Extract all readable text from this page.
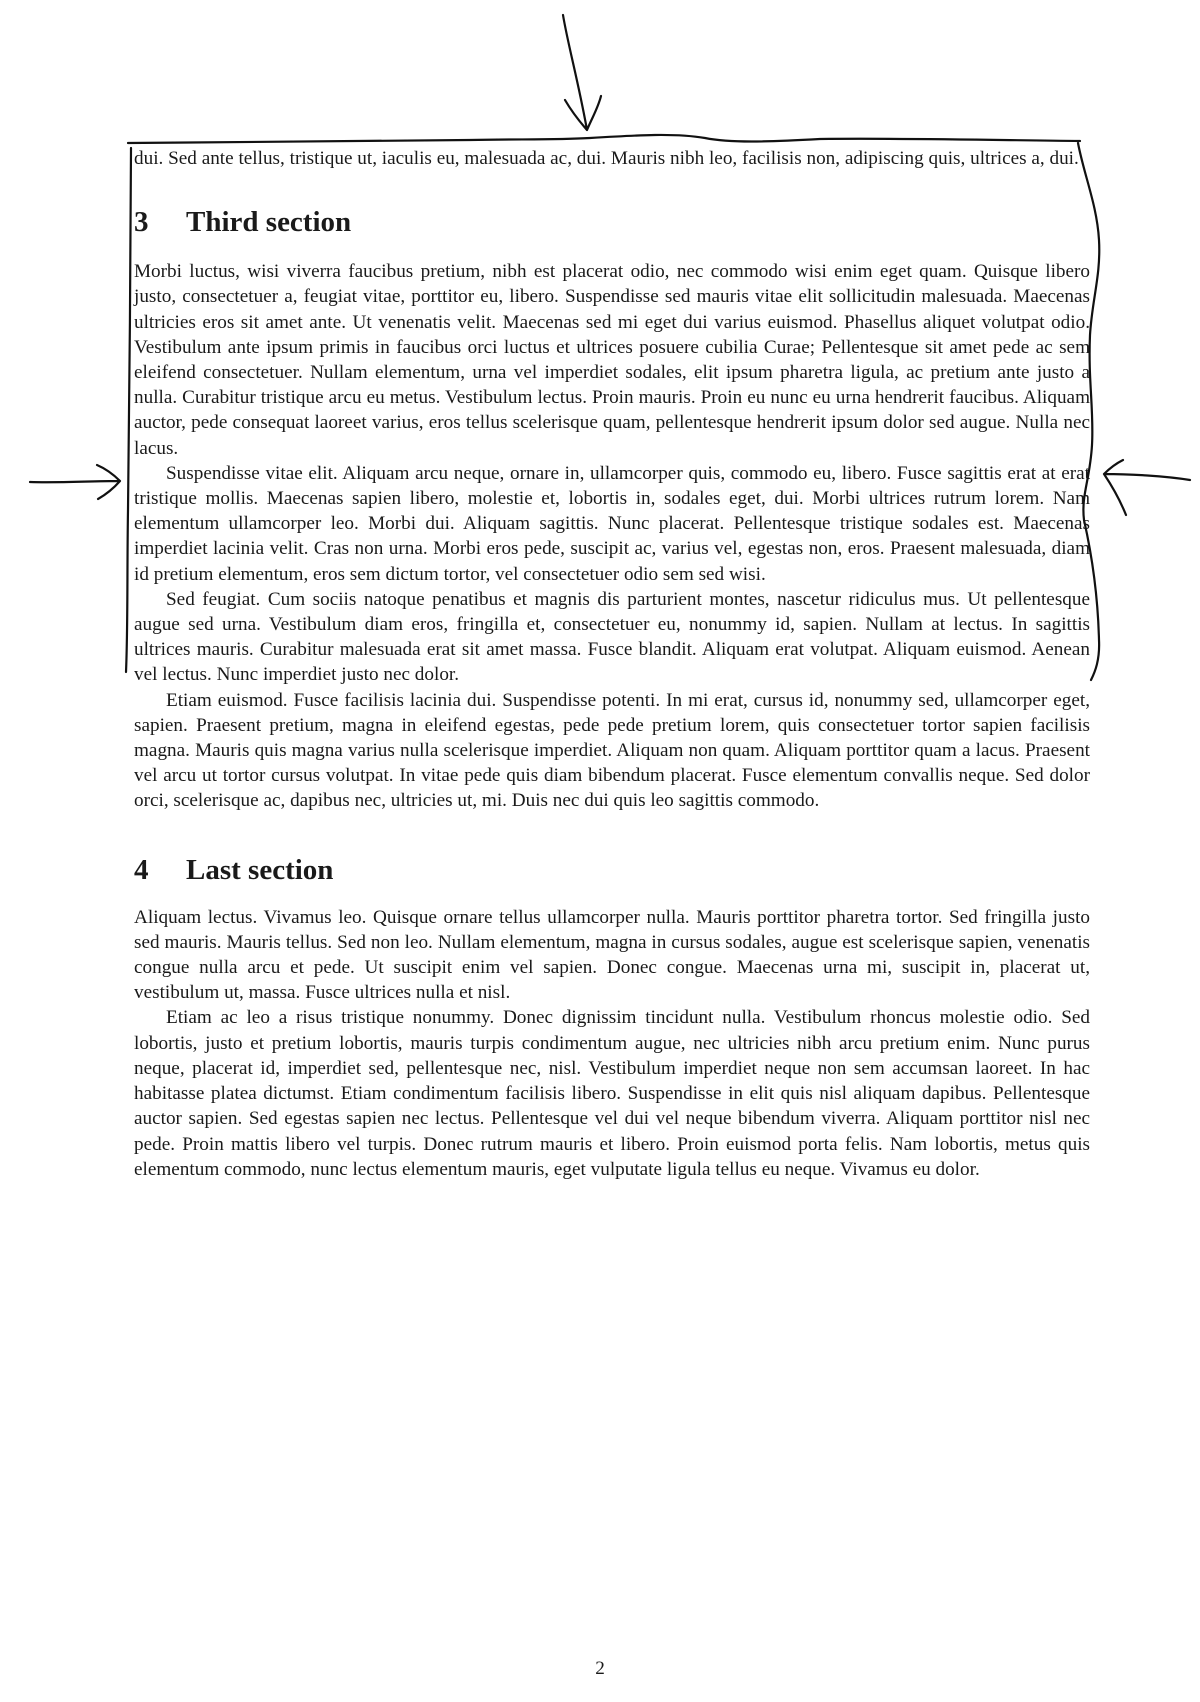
dui. Sed ante tellus, tristique ut, iaculis eu, malesuada ac, dui. Mauris nibh leo, facilisis non, adipiscing quis, ultrices a, dui.

3	Third section

Morbi luctus, wisi viverra faucibus pretium, nibh est placerat odio, nec commodo wisi enim eget quam. Quisque libero justo, consectetuer a, feugiat vitae, porttitor eu, libero. Suspendisse sed mauris vitae elit sollicitudin malesuada. Maecenas ultricies eros sit amet ante. Ut venenatis velit. Maecenas sed mi eget dui varius euismod. Phasellus aliquet volutpat odio. Vestibulum ante ipsum primis in faucibus orci luctus et ultrices posuere cubilia Curae; Pellentesque sit amet pede ac sem eleifend consectetuer. Nullam elementum, urna vel imperdiet sodales, elit ipsum pharetra ligula, ac pretium ante justo a nulla. Curabitur tristique arcu eu metus. Vestibulum lectus. Proin mauris. Proin eu nunc eu urna hendrerit faucibus. Aliquam auctor, pede consequat laoreet varius, eros tellus scelerisque quam, pellentesque hendrerit ipsum dolor sed augue. Nulla nec lacus.

Suspendisse vitae elit. Aliquam arcu neque, ornare in, ullamcorper quis, commodo eu, libero. Fusce sagittis erat at erat tristique mollis. Maecenas sapien libero, molestie et, lobortis in, sodales eget, dui. Morbi ultrices rutrum lorem. Nam elementum ullamcorper leo. Morbi dui. Aliquam sagittis. Nunc placerat. Pellentesque tristique sodales est. Maecenas imperdiet lacinia velit. Cras non urna. Morbi eros pede, suscipit ac, varius vel, egestas non, eros. Praesent malesuada, diam id pretium elementum, eros sem dictum tortor, vel consectetuer odio sem sed wisi.

Sed feugiat. Cum sociis natoque penatibus et magnis dis parturient montes, nascetur ridiculus mus. Ut pellentesque augue sed urna. Vestibulum diam eros, fringilla et, consectetuer eu, nonummy id, sapien. Nullam at lectus. In sagittis ultrices mauris. Curabitur malesuada erat sit amet massa. Fusce blandit. Aliquam erat volutpat. Aliquam euismod. Aenean vel lectus. Nunc imperdiet justo nec dolor.

Etiam euismod. Fusce facilisis lacinia dui. Suspendisse potenti. In mi erat, cursus id, nonummy sed, ullamcorper eget, sapien. Praesent pretium, magna in eleifend egestas, pede pede pretium lorem, quis consectetuer tortor sapien facilisis magna. Mauris quis magna varius nulla scelerisque imperdiet. Aliquam non quam. Aliquam porttitor quam a lacus. Praesent vel arcu ut tortor cursus volutpat. In vitae pede quis diam bibendum placerat. Fusce elementum convallis neque. Sed dolor orci, scelerisque ac, dapibus nec, ultricies ut, mi. Duis nec dui quis leo sagittis commodo.

4	Last section

Aliquam lectus. Vivamus leo. Quisque ornare tellus ullamcorper nulla. Mauris porttitor pharetra tortor. Sed fringilla justo sed mauris. Mauris tellus. Sed non leo. Nullam elementum, magna in cursus sodales, augue est scelerisque sapien, venenatis congue nulla arcu et pede. Ut suscipit enim vel sapien. Donec congue. Maecenas urna mi, suscipit in, placerat ut, vestibulum ut, massa. Fusce ultrices nulla et nisl.

Etiam ac leo a risus tristique nonummy. Donec dignissim tincidunt nulla. Vestibulum rhoncus molestie odio. Sed lobortis, justo et pretium lobortis, mauris turpis condimentum augue, nec ultricies nibh arcu pretium enim. Nunc purus neque, placerat id, imperdiet sed, pellentesque nec, nisl. Vestibulum imperdiet neque non sem accumsan laoreet. In hac habitasse platea dictumst. Etiam condimentum facilisis libero. Suspendisse in elit quis nisl aliquam dapibus. Pellentesque auctor sapien. Sed egestas sapien nec lectus. Pellentesque vel dui vel neque bibendum viverra. Aliquam porttitor nisl nec pede. Proin mattis libero vel turpis. Donec rutrum mauris et libero. Proin euismod porta felis. Nam lobortis, metus quis elementum commodo, nunc lectus elementum mauris, eget vulputate ligula tellus eu neque. Vivamus eu dolor.

2
